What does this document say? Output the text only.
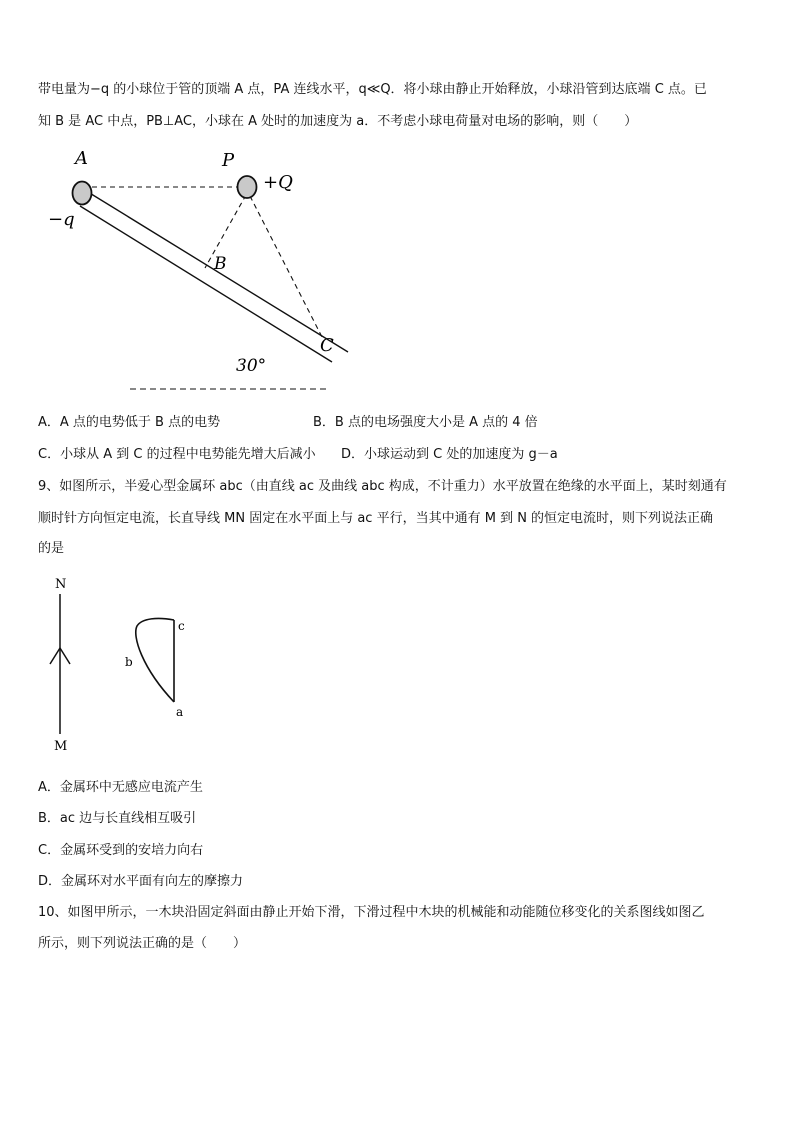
带电量为−q 的小球位于管的顶端 A 点，PA 连线水平，q≪Q．将小球由静止开始释放，小球沿管到达底端 C 点。已
知 B 是 AC 中点，PB⊥AC，小球在 A 处时的加速度为 a．不考虑小球电荷量对电场的影响，则（　　）
A	P
+Q
−q
B
C
30°
A．A 点的电势低于 B 点的电势	B．B 点的电场强度大小是 A 点的 4 倍
C．小球从 A 到 C 的过程中电势能先增大后减小 D．小球运动到 C 处的加速度为 g－a
9、如图所示，半爱心型金属环 abc（由直线 ac 及曲线 abc 构成，不计重力）水平放置在绝缘的水平面上，某时刻通有
顺时针方向恒定电流，长直导线 MN 固定在水平面上与 ac 平行，当其中通有 M 到 N 的恒定电流时，则下列说法正确
的是
N
M
c
b
a
A．金属环中无感应电流产生
B．ac 边与长直线相互吸引
C．金属环受到的安培力向右
D．金属环对水平面有向左的摩擦力
10、如图甲所示，一木块沿固定斜面由静止开始下滑，下滑过程中木块的机械能和动能随位移变化的关系图线如图乙
所示，则下列说法正确的是（　　）
